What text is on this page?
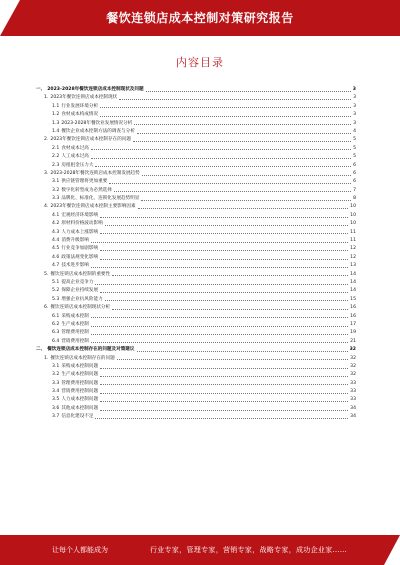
餐饮连锁店成本控制对策研究报告
内容目录
一、 2023-2028年餐饮连锁店成本控制现状及问题	3
1. 2023年餐饮连锁店成本控制现状	3
1.1 行业发展环境分析	3
1.2 食材成本构成情况	3
1.3 2023-2028年餐饮业发展情况分析	3
1.4 餐饮企业成本控制方法的调查与分析	4
2. 2023年餐饮连锁店成本控制存在的问题	5
2.1 食材成本过高	5
2.2 人工成本过高	5
2.3 房租租金压力大	6
3. 2023-2028年餐饮连锁店成本控制发展趋势	6
3.1 供应链管理将更加重要	6
3.2 数字化转型成为必然选择	7
3.3 品牌化、标准化、连锁化发展趋势明显	8
4. 2023年餐饮连锁店成本控制主要影响因素	10
4.1 宏观经济环境影响	10
4.2 原材料价格波动影响	10
4.3 人力成本上涨影响	11
4.4 消费升级影响	11
4.5 行业竞争加剧影响	12
4.6 政策法规变化影响	12
4.7 技术进步影响	13
5. 餐饮连锁店成本控制的重要性	14
5.1 提高企业竞争力	14
5.2 保障企业持续发展	14
5.3 增强企业抗风险能力	15
6. 餐饮连锁店成本控制现状分析	16
6.1 采购成本控制	16
6.2 生产成本控制	17
6.3 管理费用控制	19
6.4 营销费用控制	21
二、 餐饮连锁店成本控制存在的问题及对策建议	32
1. 餐饮连锁店成本控制存在的问题	32
3.1 采购成本控制问题	32
3.2 生产成本控制问题	32
3.3 管理费用控制问题	33
3.4 营销费用控制问题	33
3.5 人力成本控制问题	33
3.6 其他成本控制问题	34
3.7 信息化建设不足	34
让每个人都能成为	行业专家，管理专家，营销专家，战略专家，成功企业家……
